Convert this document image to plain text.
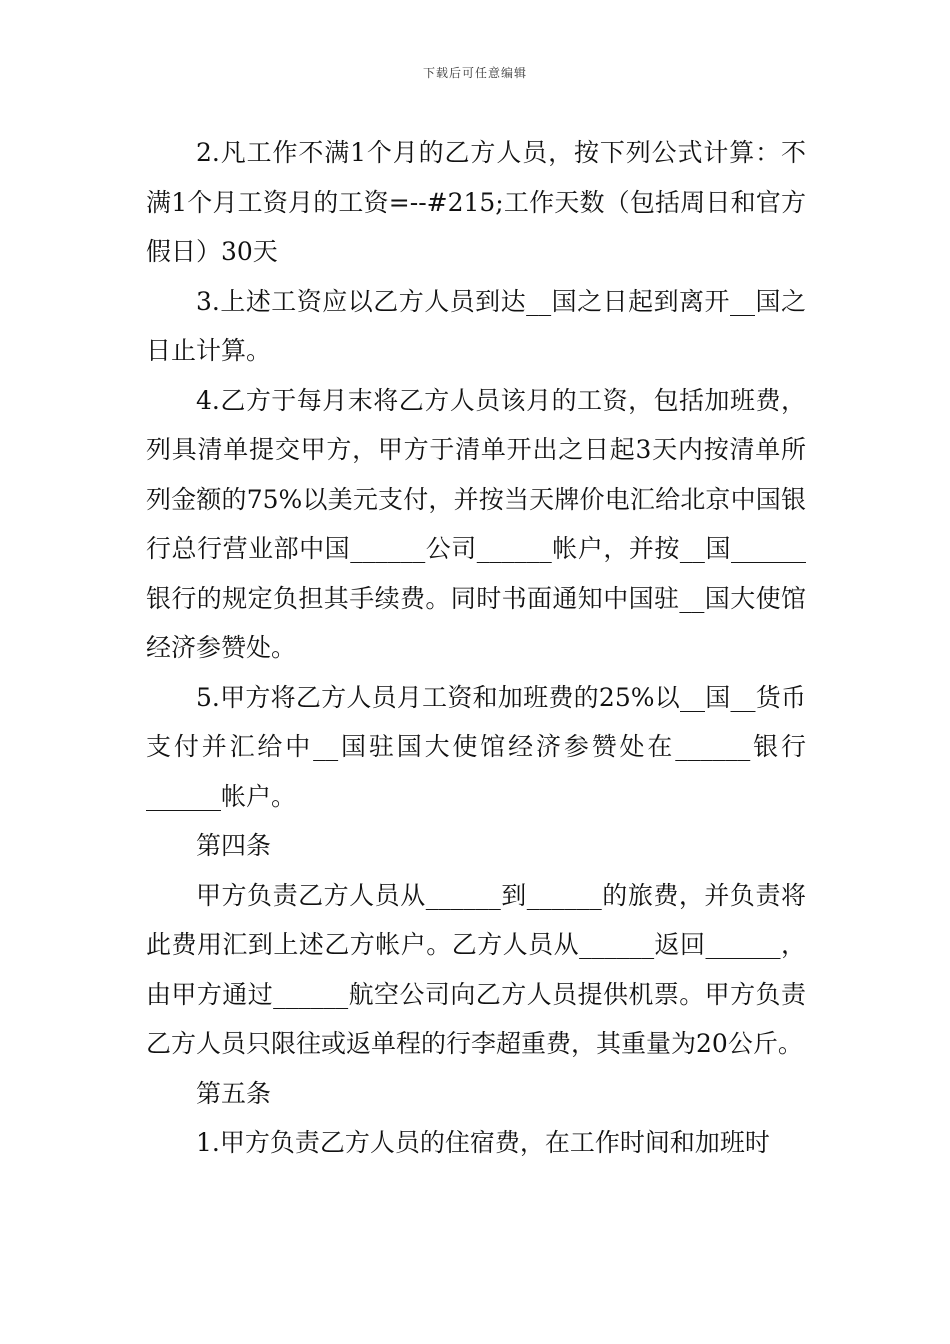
下载后可任意编辑

2.凡工作不满1个月的乙方人员，按下列公式计算：不满1个月工资月的工资=--#215;工作天数（包括周日和官方假日）30天

3.上述工资应以乙方人员到达__国之日起到离开__国之日止计算。

4.乙方于每月末将乙方人员该月的工资，包括加班费，列具清单提交甲方，甲方于清单开出之日起3天内按清单所列金额的75%以美元支付，并按当天牌价电汇给北京中国银行总行营业部中国______公司______帐户，并按__国______银行的规定负担其手续费。同时书面通知中国驻__国大使馆经济参赞处。

5.甲方将乙方人员月工资和加班费的25%以__国__货币支付并汇给中__国驻国大使馆经济参赞处在______银行______帐户。

第四条

甲方负责乙方人员从______到______的旅费，并负责将此费用汇到上述乙方帐户。乙方人员从______返回______，由甲方通过______航空公司向乙方人员提供机票。甲方负责乙方人员只限往或返单程的行李超重费，其重量为20公斤。

第五条

1.甲方负责乙方人员的住宿费，在工作时间和加班时
